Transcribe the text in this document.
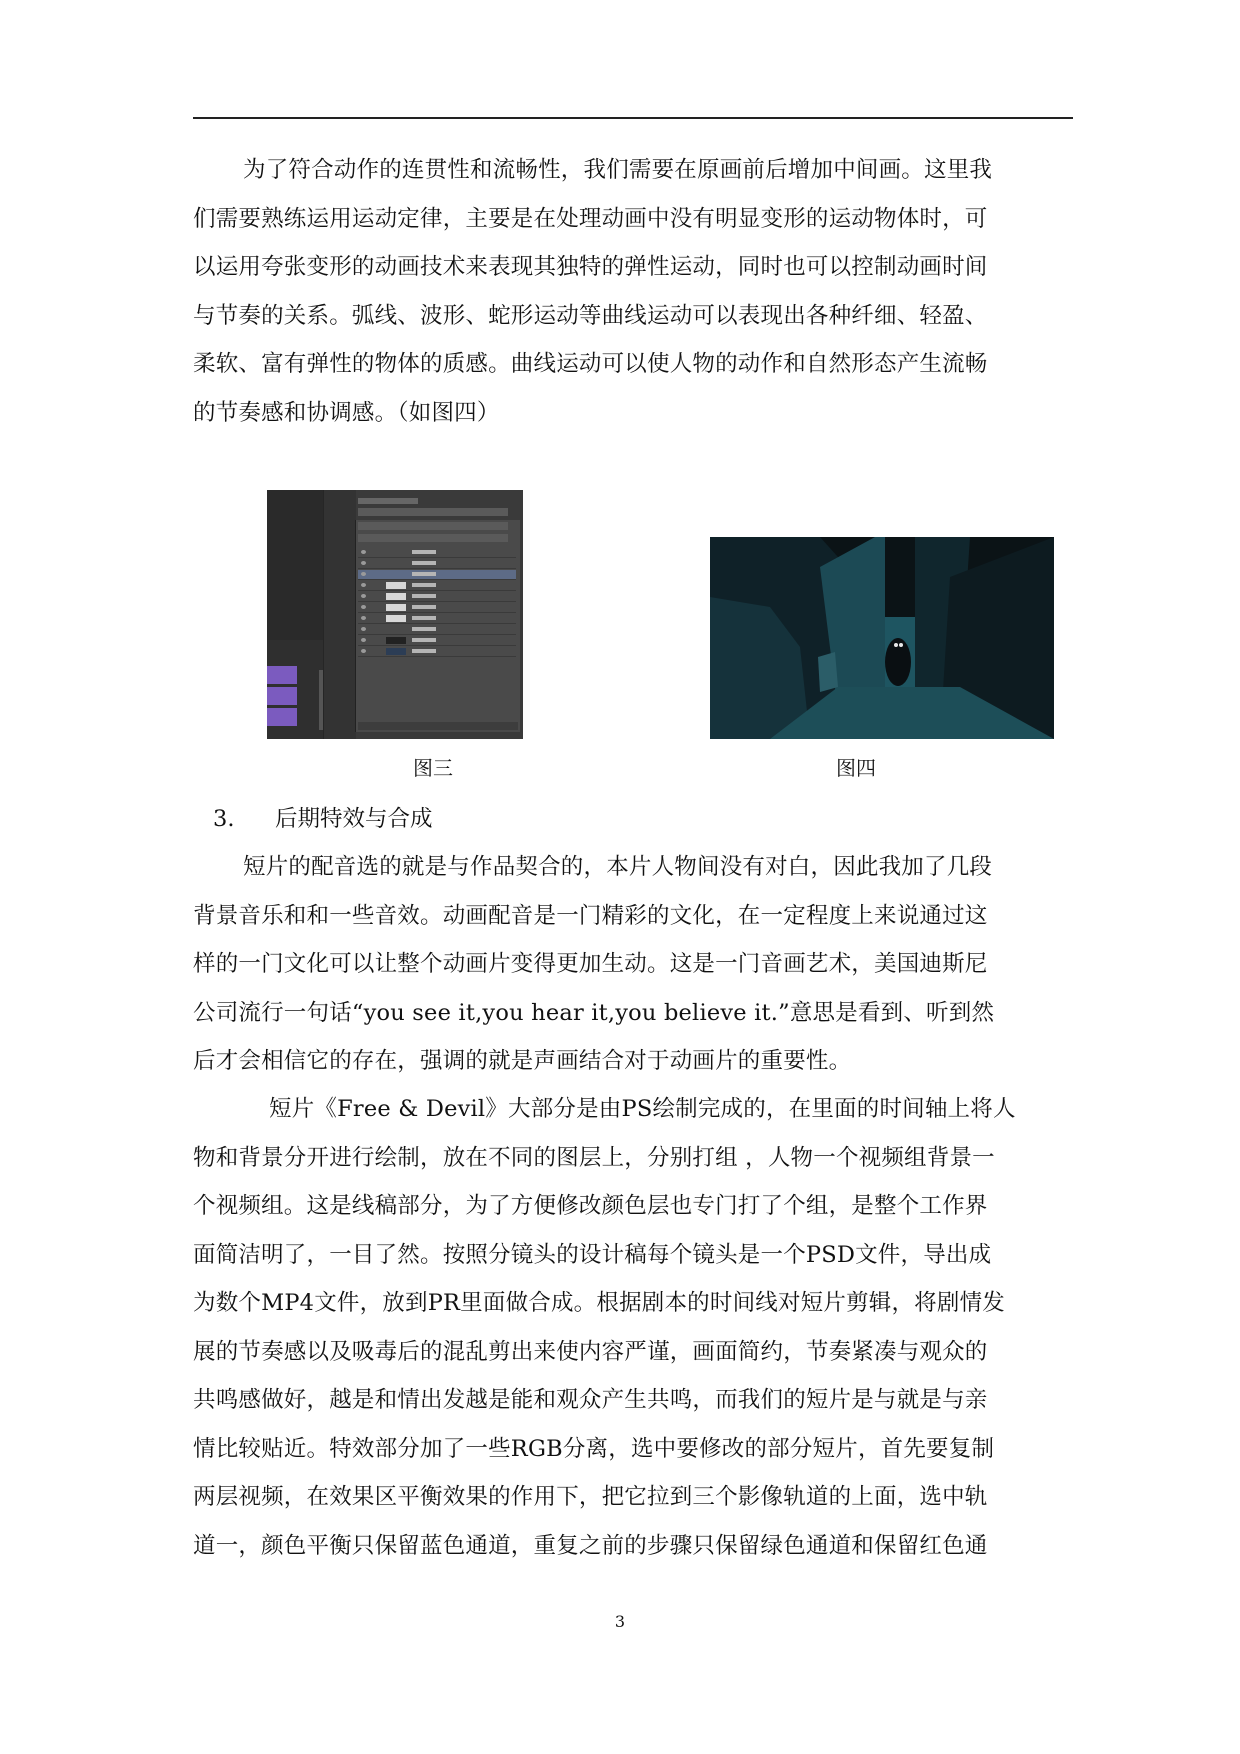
为了符合动作的连贯性和流畅性，我们需要在原画前后增加中间画。这里我
们需要熟练运用运动定律，主要是在处理动画中没有明显变形的运动物体时，可
以运用夸张变形的动画技术来表现其独特的弹性运动，同时也可以控制动画时间
与节奏的关系。弧线、波形、蛇形运动等曲线运动可以表现出各种纤细、轻盈、
柔软、富有弹性的物体的质感。曲线运动可以使人物的动作和自然形态产生流畅
的节奏感和协调感。（如图四）
图三	图四
3. 后期特效与合成
短片的配音选的就是与作品契合的，本片人物间没有对白，因此我加了几段
背景音乐和和一些音效。动画配音是一门精彩的文化，在一定程度上来说通过这
样的一门文化可以让整个动画片变得更加生动。这是一门音画艺术，美国迪斯尼
公司流行一句话“you see it,you hear it,you believe it.”意思是看到、听到然
后才会相信它的存在，强调的就是声画结合对于动画片的重要性。
短片《Free & Devil》大部分是由PS绘制完成的，在里面的时间轴上将人
物和背景分开进行绘制，放在不同的图层上，分别打组 ，人物一个视频组背景一
个视频组。这是线稿部分，为了方便修改颜色层也专门打了个组，是整个工作界
面简洁明了，一目了然。按照分镜头的设计稿每个镜头是一个PSD文件，导出成
为数个MP4文件，放到PR里面做合成。根据剧本的时间线对短片剪辑，将剧情发
展的节奏感以及吸毒后的混乱剪出来使内容严谨，画面简约，节奏紧凑与观众的
共鸣感做好，越是和情出发越是能和观众产生共鸣，而我们的短片是与就是与亲
情比较贴近。特效部分加了一些RGB分离，选中要修改的部分短片，首先要复制
两层视频，在效果区平衡效果的作用下，把它拉到三个影像轨道的上面，选中轨
道一，颜色平衡只保留蓝色通道，重复之前的步骤只保留绿色通道和保留红色通
3
